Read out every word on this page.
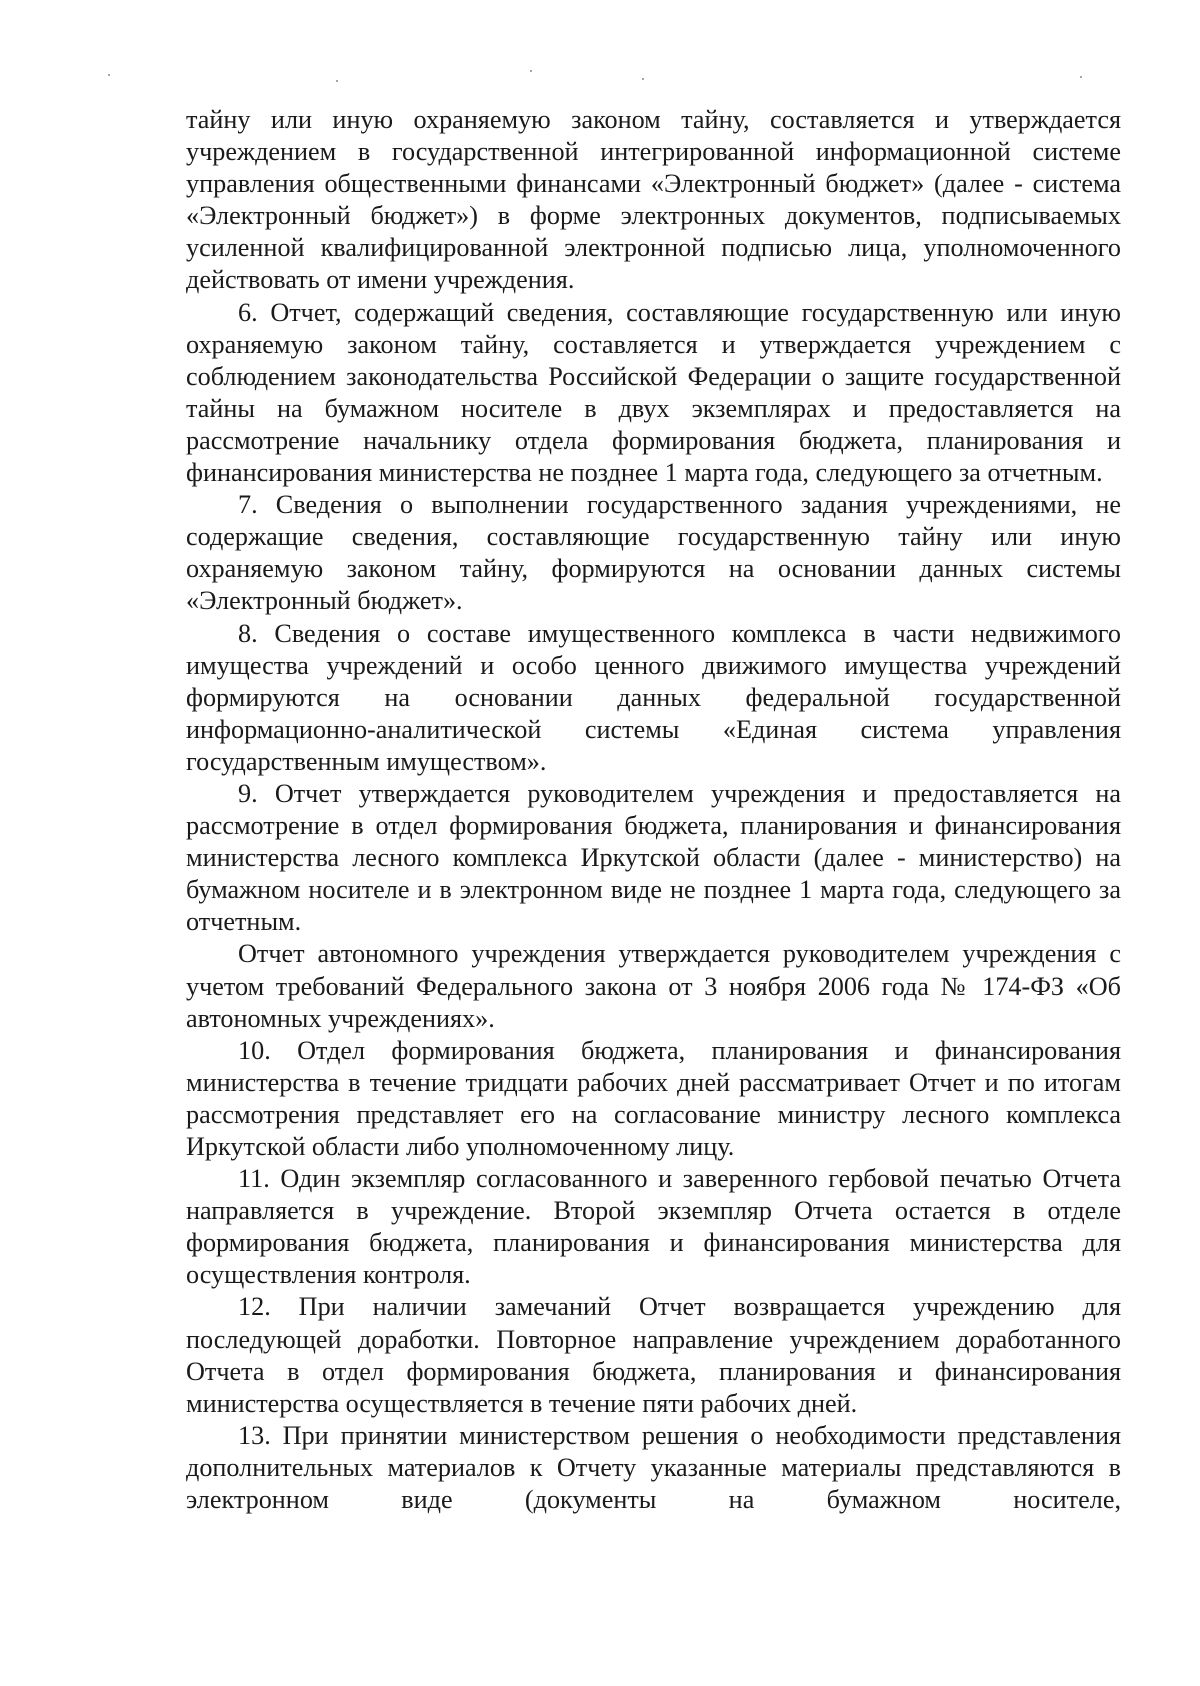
тайну или иную охраняемую законом тайну, составляется и утверждается учреждением в государственной интегрированной информационной системе управления общественными финансами «Электронный бюджет» (далее - система «Электронный бюджет») в форме электронных документов, подписываемых усиленной квалифицированной электронной подписью лица, уполномоченного действовать от имени учреждения.

6. Отчет, содержащий сведения, составляющие государственную или иную охраняемую законом тайну, составляется и утверждается учреждением с соблюдением законодательства Российской Федерации о защите государственной тайны на бумажном носителе в двух экземплярах и предоставляется на рассмотрение начальнику отдела формирования бюджета, планирования и финансирования министерства не позднее 1 марта года, следующего за отчетным.

7. Сведения о выполнении государственного задания учреждениями, не содержащие сведения, составляющие государственную тайну или иную охраняемую законом тайну, формируются на основании данных системы «Электронный бюджет».

8. Сведения о составе имущественного комплекса в части недвижимого имущества учреждений и особо ценного движимого имущества учреждений формируются на основании данных федеральной государственной информационно-аналитической системы «Единая система управления государственным имуществом».

9. Отчет утверждается руководителем учреждения и предоставляется на рассмотрение в отдел формирования бюджета, планирования и финансирования министерства лесного комплекса Иркутской области (далее - министерство) на бумажном носителе и в электронном виде не позднее 1 марта года, следующего за отчетным.

Отчет автономного учреждения утверждается руководителем учреждения с учетом требований Федерального закона от 3 ноября 2006 года № 174-ФЗ «Об автономных учреждениях».

10. Отдел формирования бюджета, планирования и финансирования министерства в течение тридцати рабочих дней рассматривает Отчет и по итогам рассмотрения представляет его на согласование министру лесного комплекса Иркутской области либо уполномоченному лицу.

11. Один экземпляр согласованного и заверенного гербовой печатью Отчета направляется в учреждение. Второй экземпляр Отчета остается в отделе формирования бюджета, планирования и финансирования министерства для осуществления контроля.

12. При наличии замечаний Отчет возвращается учреждению для последующей доработки. Повторное направление учреждением доработанного Отчета в отдел формирования бюджета, планирования и финансирования министерства осуществляется в течение пяти рабочих дней.

13. При принятии министерством решения о необходимости представления дополнительных материалов к Отчету указанные материалы представляются в электронном виде (документы на бумажном носителе,
